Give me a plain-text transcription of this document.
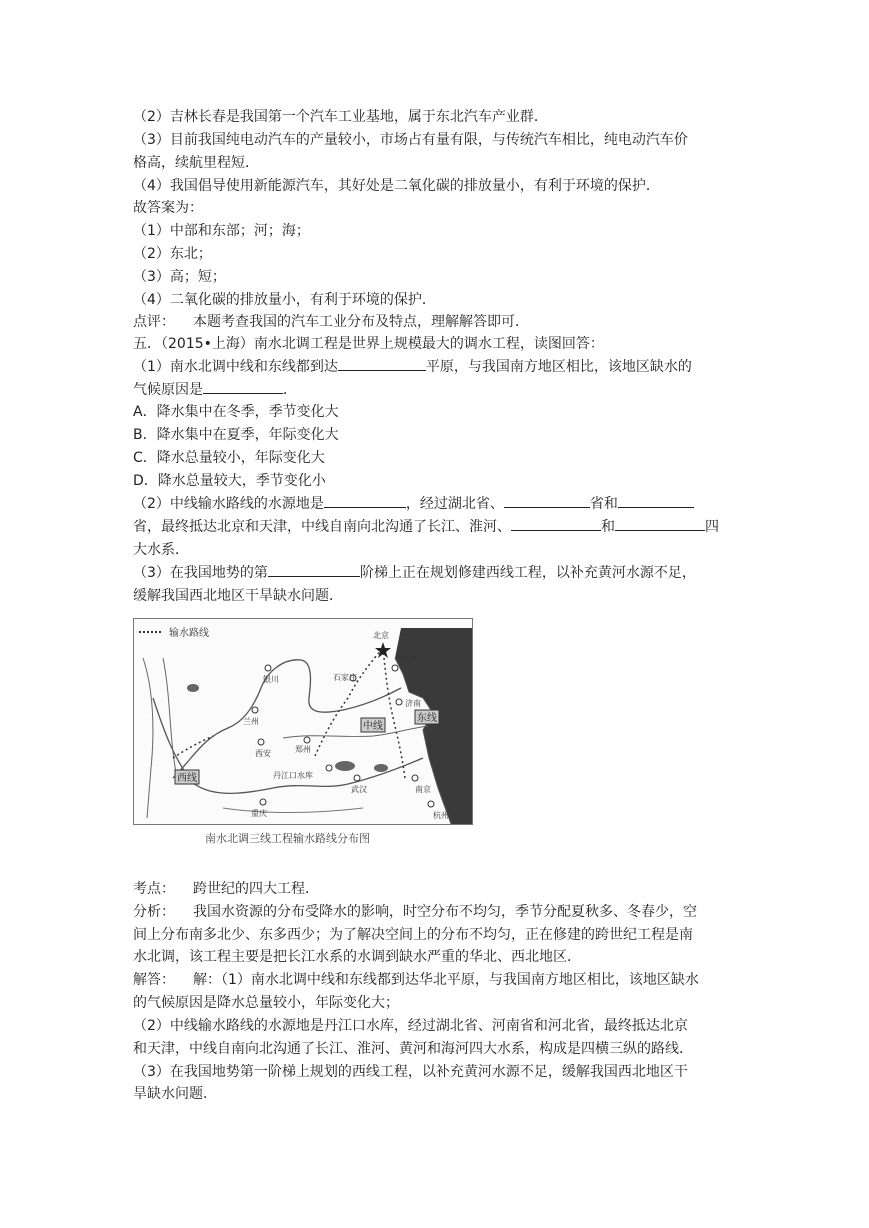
（2）吉林长春是我国第一个汽车工业基地，属于东北汽车产业群．
（3）目前我国纯电动汽车的产量较小，市场占有量有限，与传统汽车相比，纯电动汽车价
格高，续航里程短．
（4）我国倡导使用新能源汽车，其好处是二氧化碳的排放量小，有利于环境的保护．
故答案为：
（1）中部和东部；河；海；
（2）东北；
（3）高；短；
（4）二氧化碳的排放量小，有利于环境的保护．
点评： 本题考查我国的汽车工业分布及特点，理解解答即可．
五．（2015•上海）南水北调工程是世界上规模最大的调水工程，读图回答：
（1）南水北调中线和东线都到达	平原，与我国南方地区相比，该地区缺水的
气候原因是	．
A．降水集中在冬季，季节变化大
B．降水集中在夏季，年际变化大
C．降水总量较小，年际变化大
D．降水总量较大，季节变化小
（2）中线输水路线的水源地是	，经过湖北省、	省和
省，最终抵达北京和天津，中线自南向北沟通了长江、淮河、	和	四
大水系．
（3）在我国地势的第	阶梯上正在规划修建西线工程，以补充黄河水源不足，
缓解我国西北地区干旱缺水问题．
输水路线	北京
天津
石家庄
济南
银川
兰州
西安	郑州
丹江口水库
武汉	南京
杭州
重庆
中线
东线
西线
南水北调三线工程输水路线分布图
考点： 跨世纪的四大工程．
分析： 我国水资源的分布受降水的影响，时空分布不均匀，季节分配夏秋多、冬春少，空
间上分布南多北少、东多西少；为了解决空间上的分布不均匀，正在修建的跨世纪工程是南
水北调，该工程主要是把长江水系的水调到缺水严重的华北、西北地区．
解答： 解：（1）南水北调中线和东线都到达华北平原，与我国南方地区相比，该地区缺水
的气候原因是降水总量较小，年际变化大；
（2）中线输水路线的水源地是丹江口水库，经过湖北省、河南省和河北省，最终抵达北京
和天津，中线自南向北沟通了长江、淮河、黄河和海河四大水系，构成是四横三纵的路线．
（3）在我国地势第一阶梯上规划的西线工程，以补充黄河水源不足，缓解我国西北地区干
旱缺水问题．
